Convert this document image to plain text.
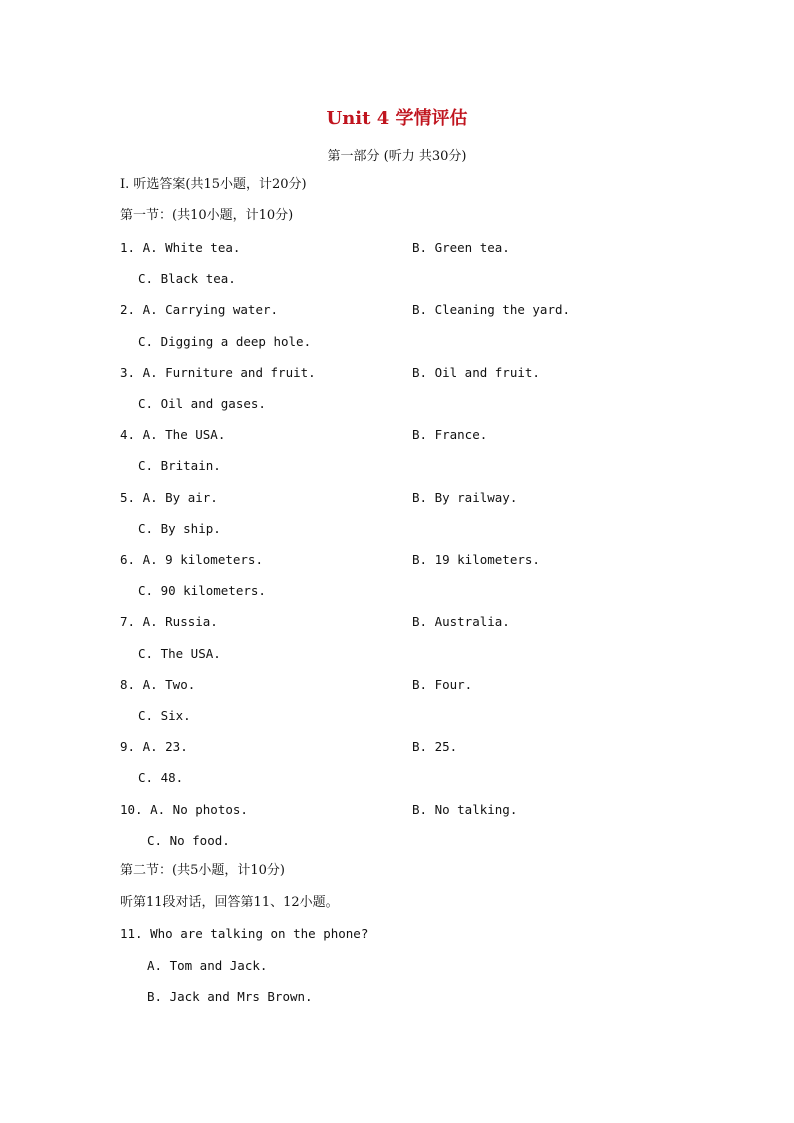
Unit 4 学情评估
第一部分 (听力 共30分)
Ⅰ. 听选答案(共15小题，计20分)
第一节：(共10小题，计10分)
1. A. White tea.	B. Green tea.
C. Black tea.
2. A. Carrying water.	B. Cleaning the yard.
C. Digging a deep hole.
3. A. Furniture and fruit.	B. Oil and fruit.
C. Oil and gases.
4. A. The USA.	B. France.
C. Britain.
5. A. By air.	B. By railway.
C. By ship.
6. A. 9 kilometers.	B. 19 kilometers.
C. 90 kilometers.
7. A. Russia.	B. Australia.
C. The USA.
8. A. Two.	B. Four.
C. Six.
9. A. 23.	B. 25.
C. 48.
10. A. No photos.	B. No talking.
C. No food.
第二节：(共5小题，计10分)
听第11段对话，回答第11、12小题。
11. Who are talking on the phone?
A. Tom and Jack.
B. Jack and Mrs Brown.
